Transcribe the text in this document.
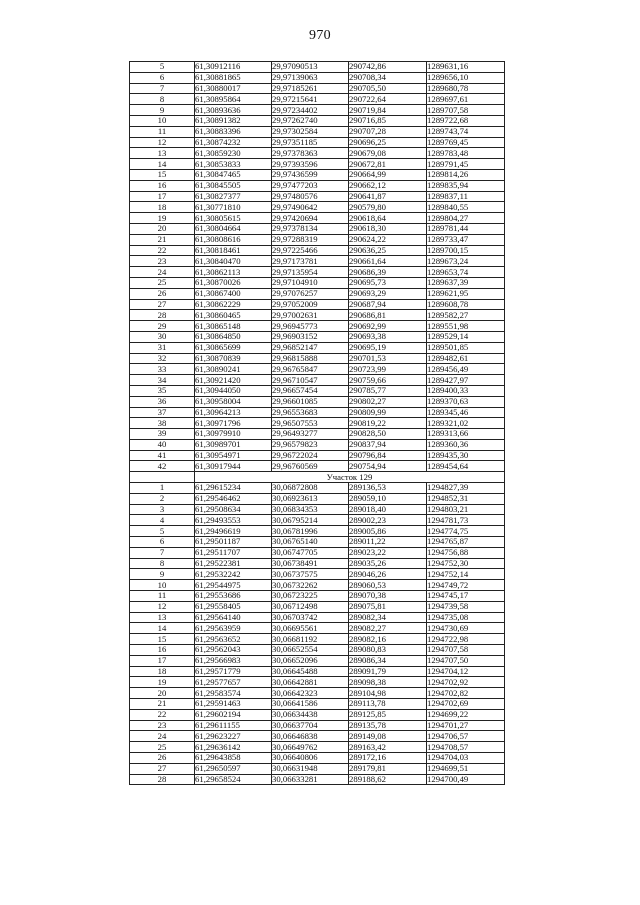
970
5	61,30912116	29,97090513	290742,86	1289631,16
6	61,30881865	29,97139063	290708,34	1289656,10
7	61,30880017	29,97185261	290705,50	1289680,78
8	61,30895864	29,97215641	290722,64	1289697,61
9	61,30893636	29,97234402	290719,84	1289707,58
10	61,30891382	29,97262740	290716,85	1289722,68
11	61,30883396	29,97302584	290707,28	1289743,74
12	61,30874232	29,97351185	290696,25	1289769,45
13	61,30859230	29,97378363	290679,08	1289783,48
14	61,30853833	29,97393596	290672,81	1289791,45
15	61,30847465	29,97436599	290664,99	1289814,26
16	61,30845505	29,97477203	290662,12	1289835,94
17	61,30827377	29,97480576	290641,87	1289837,11
18	61,30771810	29,97490642	290579,80	1289840,55
19	61,30805615	29,97420694	290618,64	1289804,27
20	61,30804664	29,97378134	290618,30	1289781,44
21	61,30808616	29,97288319	290624,22	1289733,47
22	61,30818461	29,97225466	290636,25	1289700,15
23	61,30840470	29,97173781	290661,64	1289673,24
24	61,30862113	29,97135954	290686,39	1289653,74
25	61,30870026	29,97104910	290695,73	1289637,39
26	61,30867400	29,97076257	290693,29	1289621,95
27	61,30862229	29,97052009	290687,94	1289608,78
28	61,30860465	29,97002631	290686,81	1289582,27
29	61,30865148	29,96945773	290692,99	1289551,98
30	61,30864850	29,96903152	290693,38	1289529,14
31	61,30865699	29,96852147	290695,19	1289501,85
32	61,30870839	29,96815888	290701,53	1289482,61
33	61,30890241	29,96765847	290723,99	1289456,49
34	61,30921420	29,96710547	290759,66	1289427,97
35	61,30944050	29,96657454	290785,77	1289400,33
36	61,30958004	29,96601085	290802,27	1289370,63
37	61,30964213	29,96553683	290809,99	1289345,46
38	61,30971796	29,96507553	290819,22	1289321,02
39	61,30979910	29,96493277	290828,50	1289313,66
40	61,30989701	29,96579823	290837,94	1289360,36
41	61,30954971	29,96722024	290796,84	1289435,30
42	61,30917944	29,96760569	290754,94	1289454,64
	Участок 129			
1	61,29615234	30,06872808	289136,53	1294827,39
2	61,29546462	30,06923613	289059,10	1294852,31
3	61,29508634	30,06834353	289018,40	1294803,21
4	61,29493553	30,06795214	289002,23	1294781,73
5	61,29496619	30,06781996	289005,86	1294774,75
6	61,29501187	30,06765140	289011,22	1294765,87
7	61,29511707	30,06747705	289023,22	1294756,88
8	61,29522381	30,06738491	289035,26	1294752,30
9	61,29532242	30,06737575	289046,26	1294752,14
10	61,29544975	30,06732262	289060,53	1294749,72
11	61,29553686	30,06723225	289070,38	1294745,17
12	61,29558405	30,06712498	289075,81	1294739,58
13	61,29564140	30,06703742	289082,34	1294735,08
14	61,29563959	30,06695561	289082,27	1294730,69
15	61,29563652	30,06681192	289082,16	1294722,98
16	61,29562043	30,06652554	289080,83	1294707,58
17	61,29566983	30,06652096	289086,34	1294707,50
18	61,29571779	30,06645488	289091,79	1294704,12
19	61,29577657	30,06642881	289098,38	1294702,92
20	61,29583574	30,06642323	289104,98	1294702,82
21	61,29591463	30,06641586	289113,78	1294702,69
22	61,29602194	30,06634438	289125,85	1294699,22
23	61,29611155	30,06637704	289135,78	1294701,27
24	61,29623227	30,06646838	289149,08	1294706,57
25	61,29636142	30,06649762	289163,42	1294708,57
26	61,29643858	30,06640806	289172,16	1294704,03
27	61,29650597	30,06631948	289179,81	1294699,51
28	61,29658524	30,06633281	289188,62	1294700,49
